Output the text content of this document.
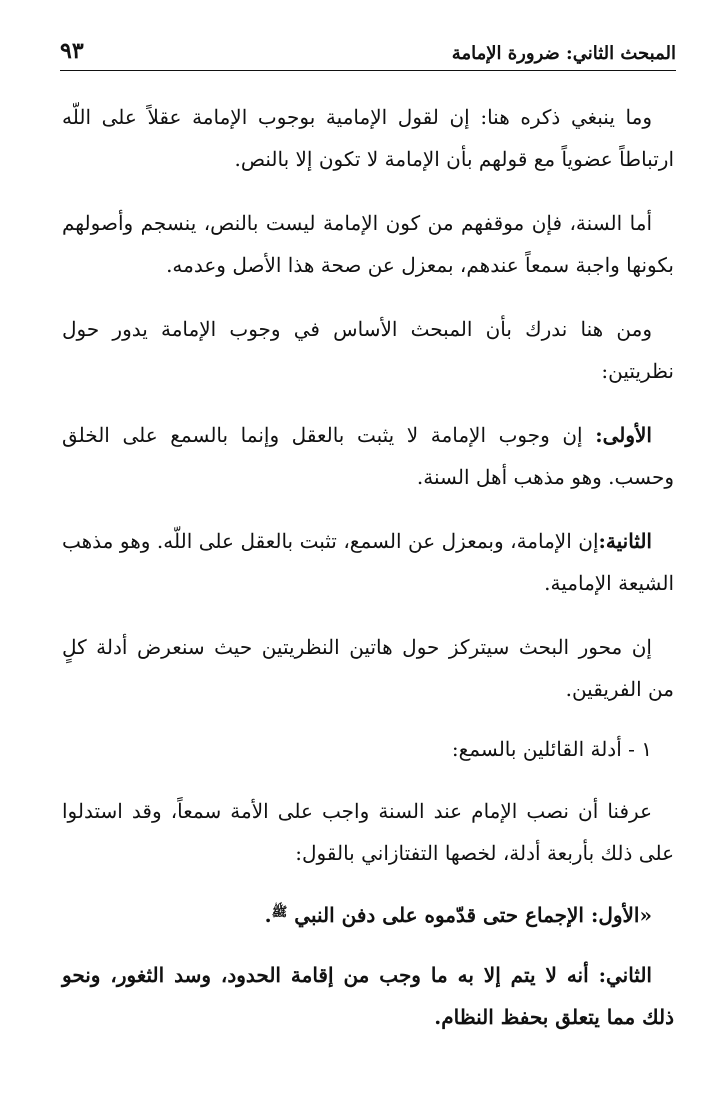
المبحث الثاني: ضرورة الإمامة
٩٣

وما ينبغي ذكره هنا: إن لقول الإمامية بوجوب الإمامة عقلاً على اللّه ارتباطاً عضوياً مع قولهم بأن الإمامة لا تكون إلا بالنص.

أما السنة، فإن موقفهم من كون الإمامة ليست بالنص، ينسجم وأصولهم بكونها واجبة سمعاً عندهم، بمعزل عن صحة هذا الأصل وعدمه.

ومن هنا ندرك بأن المبحث الأساس في وجوب الإمامة يدور حول نظريتين:

الأولى: إن وجوب الإمامة لا يثبت بالعقل وإنما بالسمع على الخلق وحسب. وهو مذهب أهل السنة.

الثانية:إن الإمامة، وبمعزل عن السمع، تثبت بالعقل على اللّه. وهو مذهب الشيعة الإمامية.

إن محور البحث سيتركز حول هاتين النظريتين حيث سنعرض أدلة كلٍ من الفريقين.

١ - أدلة القائلين بالسمع:

عرفنا أن نصب الإمام عند السنة واجب على الأمة سمعاً، وقد استدلوا على ذلك بأربعة أدلة، لخصها التفتازاني بالقول:

«الأول: الإجماع حتى قدّموه على دفن النبي $^ﷺ$.

الثاني: أنه لا يتم إلا به ما وجب من إقامة الحدود، وسد الثغور، ونحو ذلك مما يتعلق بحفظ النظام.
